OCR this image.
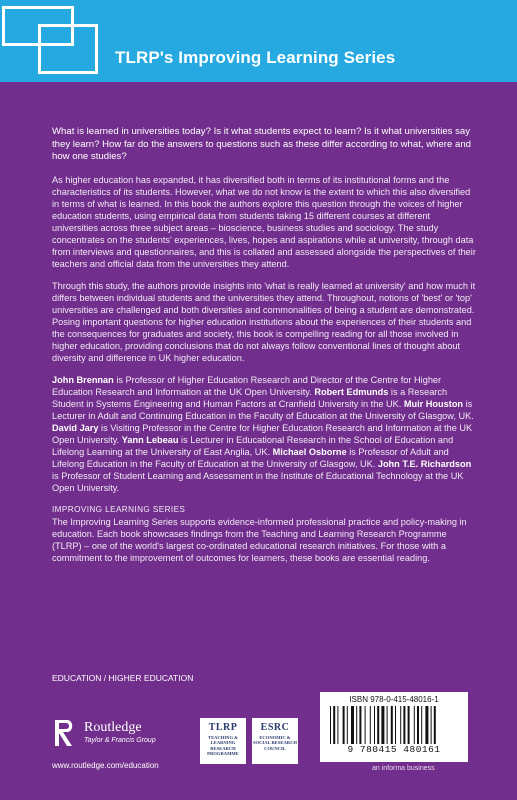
TLRP's Improving Learning Series

What is learned in universities today? Is it what students expect to learn? Is it what universities say they learn? How far do the answers to questions such as these differ according to what, where and how one studies?

As higher education has expanded, it has diversified both in terms of its institutional forms and the characteristics of its students. However, what we do not know is the extent to which this also diversified in terms of what is learned. In this book the authors explore this question through the voices of higher education students, using empirical data from students taking 15 different courses at different universities across three subject areas – bioscience, business studies and sociology. The study concentrates on the students' experiences, lives, hopes and aspirations while at university, through data from interviews and questionnaires, and this is collated and assessed alongside the perspectives of their teachers and official data from the universities they attend.

Through this study, the authors provide insights into 'what is really learned at university' and how much it differs between individual students and the universities they attend. Throughout, notions of 'best' or 'top' universities are challenged and both diversities and commonalities of being a student are demonstrated. Posing important questions for higher education institutions about the experiences of their students and the consequences for graduates and society, this book is compelling reading for all those involved in higher education, providing conclusions that do not always follow conventional lines of thought about diversity and difference in UK higher education.

John Brennan is Professor of Higher Education Research and Director of the Centre for Higher Education Research and Information at the UK Open University. Robert Edmunds is a Research Student in Systems Engineering and Human Factors at Cranfield University in the UK. Muir Houston is Lecturer in Adult and Continuing Education in the Faculty of Education at the University of Glasgow, UK. David Jary is Visiting Professor in the Centre for Higher Education Research and Information at the UK Open University. Yann Lebeau is Lecturer in Educational Research in the School of Education and Lifelong Learning at the University of East Anglia, UK. Michael Osborne is Professor of Adult and Lifelong Education in the Faculty of Education at the University of Glasgow, UK. John T.E. Richardson is Professor of Student Learning and Assessment in the Institute of Educational Technology at the UK Open University.

IMPROVING LEARNING SERIES

The Improving Learning Series supports evidence-informed professional practice and policy-making in education. Each book showcases findings from the Teaching and Learning Research Programme (TLRP) – one of the world's largest co-ordinated educational research initiatives. For those with a commitment to the improvement of outcomes for learners, these books are essential reading.

EDUCATION / HIGHER EDUCATION
ISBN 978-0-415-48016-1
9 780415 480161
an informa business
Routledge
Taylor & Francis Group
www.routledge.com/education
TLRP
TEACHING & LEARNING RESEARCH PROGRAMME
ESRC
ECONOMIC & SOCIAL RESEARCH COUNCIL
